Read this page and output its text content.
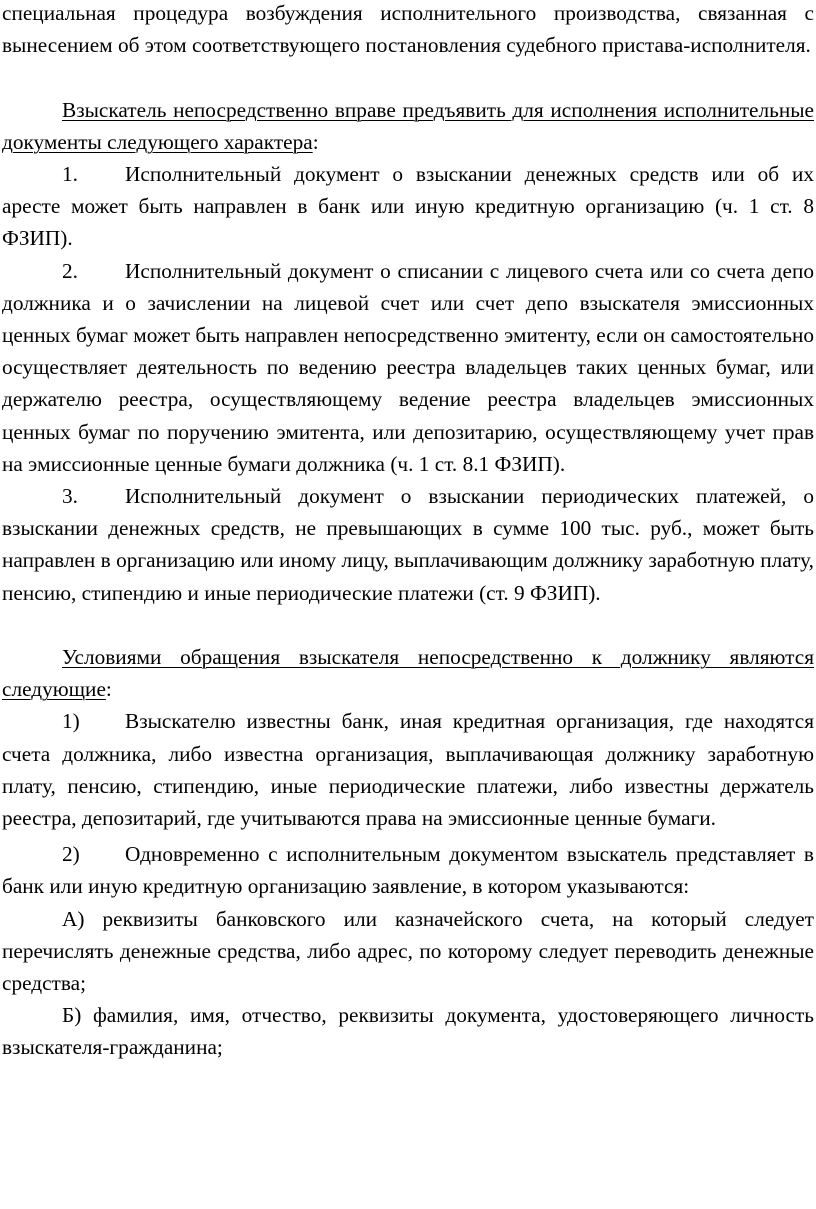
специальная процедура возбуждения исполнительного производства, связанная с вынесением об этом соответствующего постановления судебного пристава-исполнителя.

Взыскатель непосредственно вправе предъявить для исполнения исполнительные документы следующего характера:

1. Исполнительный документ о взыскании денежных средств или об их аресте может быть направлен в банк или иную кредитную организацию (ч. 1 ст. 8 ФЗИП).

2. Исполнительный документ о списании с лицевого счета или со счета депо должника и о зачислении на лицевой счет или счет депо взыскателя эмиссионных ценных бумаг может быть направлен непосредственно эмитенту, если он самостоятельно осуществляет деятельность по ведению реестра владельцев таких ценных бумаг, или держателю реестра, осуществляющему ведение реестра владельцев эмиссионных ценных бумаг по поручению эмитента, или депозитарию, осуществляющему учет прав на эмиссионные ценные бумаги должника (ч. 1 ст. 8.1 ФЗИП).

3. Исполнительный документ о взыскании периодических платежей, о взыскании денежных средств, не превышающих в сумме 100 тыс. руб., может быть направлен в организацию или иному лицу, выплачивающим должнику заработную плату, пенсию, стипендию и иные периодические платежи (ст. 9 ФЗИП).

Условиями обращения взыскателя непосредственно к должнику являются следующие:

1) Взыскателю известны банк, иная кредитная организация, где находятся счета должника, либо известна организация, выплачивающая должнику заработную плату, пенсию, стипендию, иные периодические платежи, либо известны держатель реестра, депозитарий, где учитываются права на эмиссионные ценные бумаги.

2) Одновременно с исполнительным документом взыскатель представляет в банк или иную кредитную организацию заявление, в котором указываются:

А) реквизиты банковского или казначейского счета, на который следует перечислять денежные средства, либо адрес, по которому следует переводить денежные средства;

Б) фамилия, имя, отчество, реквизиты документа, удостоверяющего личность взыскателя-гражданина;
